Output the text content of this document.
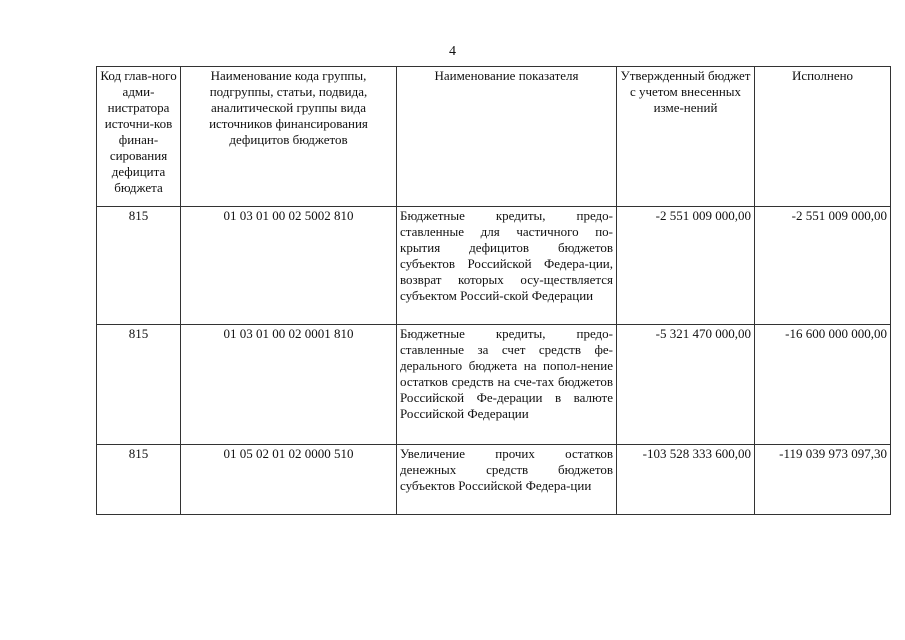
4
Код глав-ного адми-нистратора источни-ков финан-сирования дефицита бюджета	Наименование кода группы, подгруппы, статьи, подвида, аналитической группы вида источников финансирования дефицитов бюджетов	Наименование показателя	Утвержденный бюджет с учетом внесенных изме-нений	Исполнено
815	01 03 01 00 02 5002 810	Бюджетные кредиты, предо-ставленные для частичного по-крытия дефицитов бюджетов субъектов Российской Федера-ции, возврат которых осу-ществляется субъектом Россий-ской Федерации	-2 551 009 000,00	-2 551 009 000,00
815	01 03 01 00 02 0001 810	Бюджетные кредиты, предо-ставленные за счет средств фе-дерального бюджета на попол-нение остатков средств на сче-тах бюджетов Российской Фе-дерации в валюте Российской Федерации	-5 321 470 000,00	-16 600 000 000,00
815	01 05 02 01 02 0000 510	Увеличение прочих остатков денежных средств бюджетов субъектов Российской Федера-ции	-103 528 333 600,00	-119 039 973 097,30
